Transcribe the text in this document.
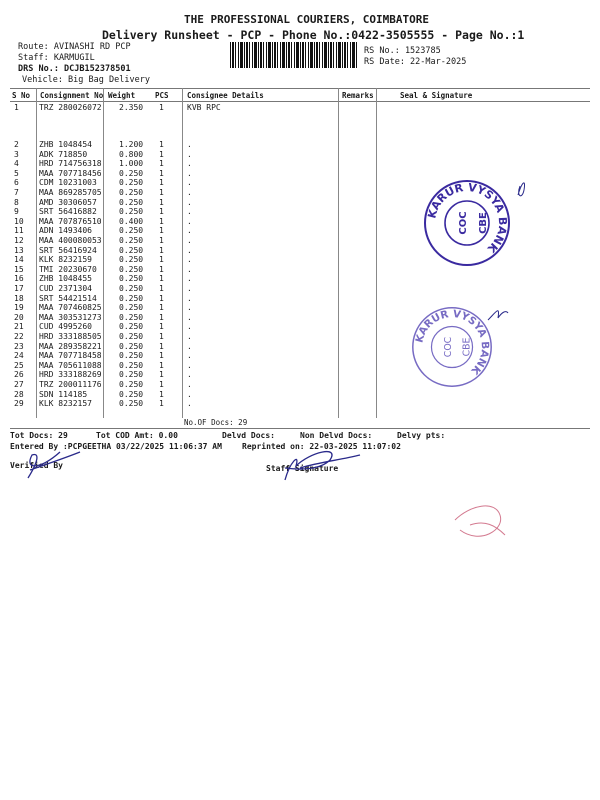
THE PROFESSIONAL COURIERS, COIMBATORE
Delivery Runsheet - PCP - Phone No.:0422-3505555 - Page No.:1
Route: AVINASHI RD PCP
Staff: KARMUGIL
DRS No.: DCJB152378501
Vehicle: Big Bag Delivery
RS No.: 1523785
RS Date: 22-Mar-2025
S No Consignment No Weight	PCS Consignee Details	Remarks	Seal & Signature
1	TRZ 280026072 2.350 1	KVB RPC
2	ZHB 1048454	1.200 1	.
3	ADK 718850	0.800 1	.
4	HRD 714756318 1.000 1	.
5	MAA 707718456 0.250 1	.
6	CDM 10231003	0.250 1	.
7	MAA 869285705 0.250 1	.
8	AMD 30306057	0.250 1	.
9	SRT 56416882	0.250 1	.
10 MAA 707876510 0.400 1	.
11 ADN 1493406	0.250 1	.
12 MAA 400080053 0.250 1	.
13 SRT 56416924	0.250 1	.
14 KLK 8232159	0.250 1	.
15 TMI 20230670	0.250 1	.
16 ZHB 1048455	0.250 1	.
17 CUD 2371304	0.250 1	.
18 SRT 54421514	0.250 1	.
19 MAA 707460825 0.250 1	.
20 MAA 303531273 0.250 1	.
21 CUD 4995260	0.250 1	.
22 HRD 333188505 0.250 1	.
23 MAA 289358221 0.250 1	.
24 MAA 707718458 0.250 1	.
25 MAA 705611088 0.250 1	.
26 HRD 333188269 0.250 1	.
27 TRZ 200011176 0.250 1	.
28 SDN 114185	0.250 1	.
29 KLK 8232157	0.250 1	.
No.OF Docs: 29
Tot Docs: 29	Tot COD Amt: 0.00	Delvd Docs:	Non Delvd Docs:	Delvy pts:
Entered By :PCPGEETHA 03/22/2025 11:06:37 AM	Reprinted on: 22-03-2025 11:07:02
Verified By	Staff Signature
KARUR VYSYA BANK
COC CBE
KARUR VYSYA BANK
COC CBE
